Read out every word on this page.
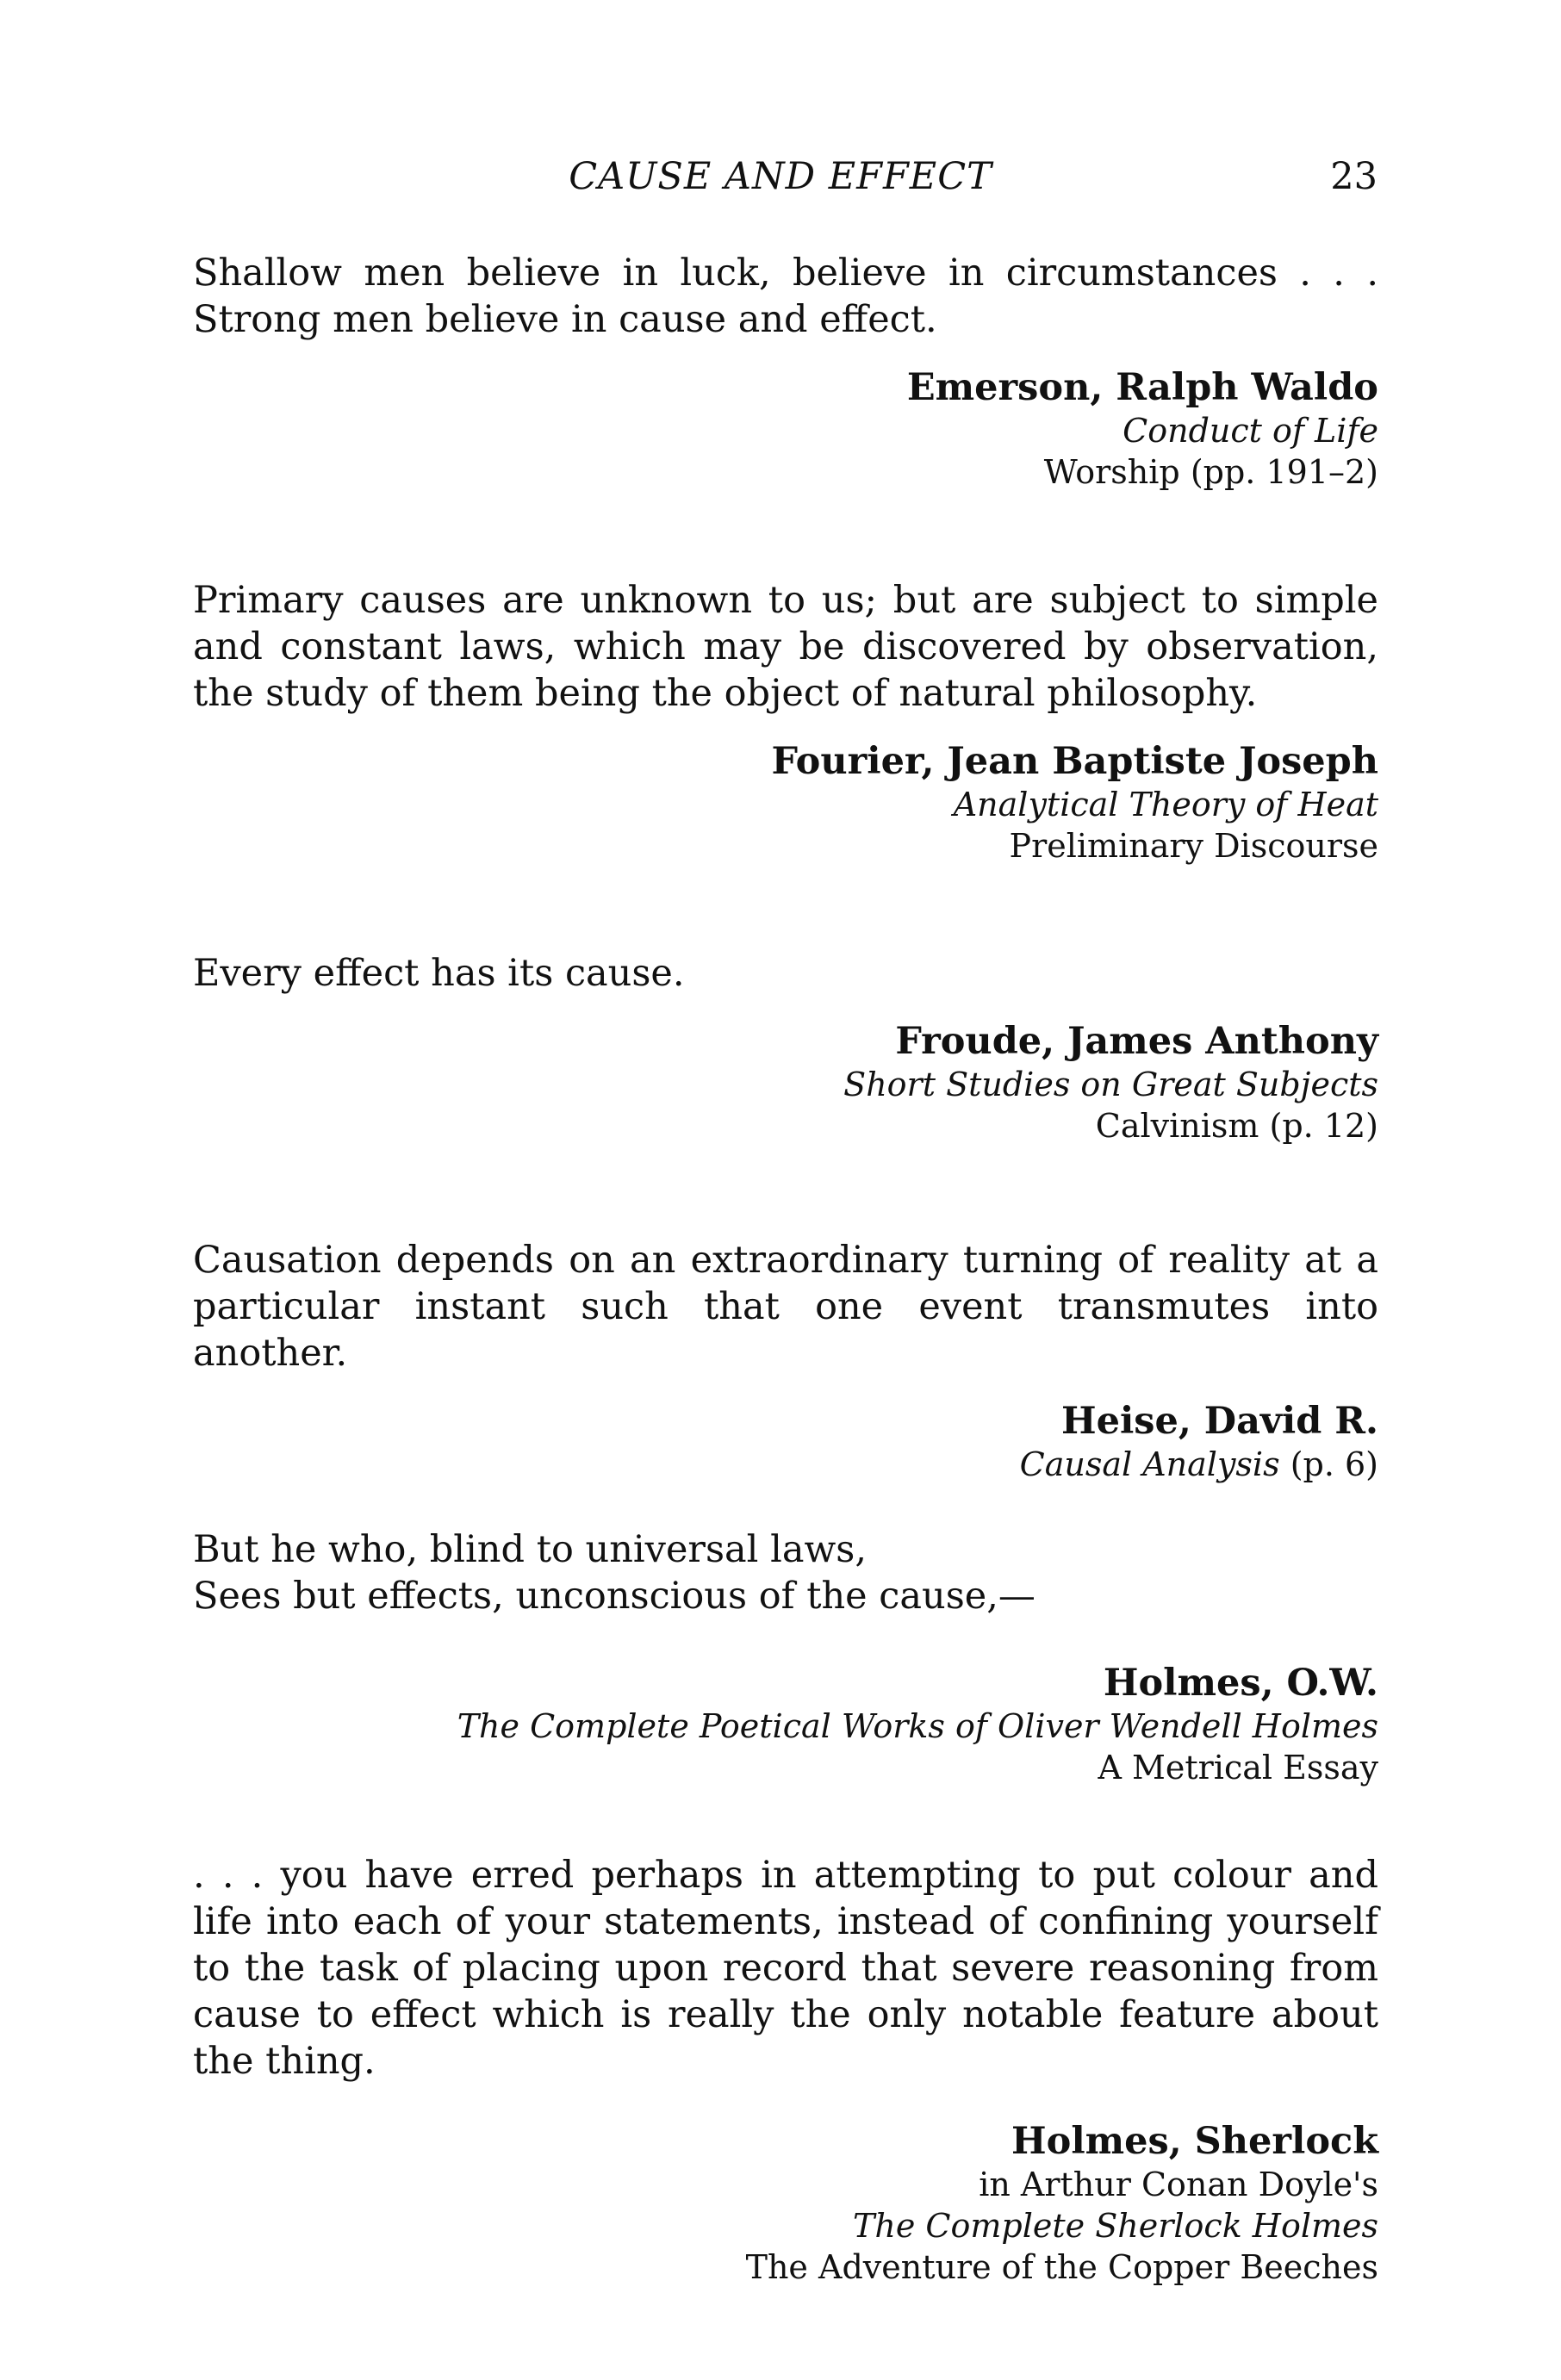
CAUSE AND EFFECT	23

Shallow men believe in luck, believe in circumstances . . . Strong men believe in cause and effect.

Emerson, Ralph Waldo
Conduct of Life
Worship (pp. 191–2)

Primary causes are unknown to us; but are subject to simple and constant laws, which may be discovered by observation, the study of them being the object of natural philosophy.

Fourier, Jean Baptiste Joseph
Analytical Theory of Heat
Preliminary Discourse

Every effect has its cause.

Froude, James Anthony
Short Studies on Great Subjects
Calvinism (p. 12)

Causation depends on an extraordinary turning of reality at a particular instant such that one event transmutes into another.

Heise, David R.
Causal Analysis (p. 6)

But he who, blind to universal laws,
Sees but effects, unconscious of the cause,—

Holmes, O.W.
The Complete Poetical Works of Oliver Wendell Holmes
A Metrical Essay

. . . you have erred perhaps in attempting to put colour and life into each of your statements, instead of confining yourself to the task of placing upon record that severe reasoning from cause to effect which is really the only notable feature about the thing.

Holmes, Sherlock
in Arthur Conan Doyle's
The Complete Sherlock Holmes
The Adventure of the Copper Beeches
